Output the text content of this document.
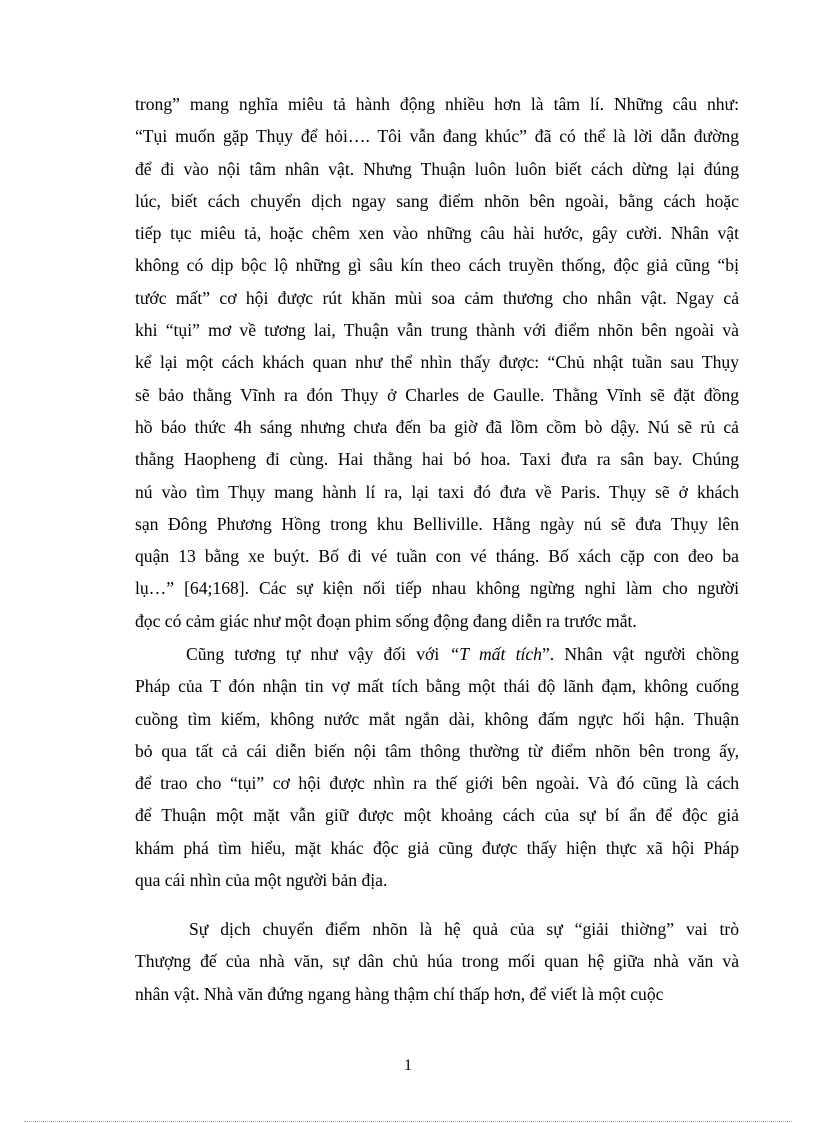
trong” mang nghĩa miêu tả hành động nhiều hơn là tâm lí. Những câu như:
“Tụi muốn gặp Thụy để hỏi…. Tôi vẫn đang khúc” đã có thể là lời dẫn đường
để đi vào nội tâm nhân vật. Nhưng Thuận luôn luôn biết cách dừng lại đúng
lúc, biết cách chuyển dịch ngay sang điểm nhõn bên ngoài, bằng cách hoặc
tiếp tục miêu tả, hoặc chêm xen vào những câu hài hước, gây cười. Nhân vật
không có dịp bộc lộ những gì sâu kín theo cách truyền thống, độc giả cũng “bị
tước mất” cơ hội được rút khăn mùi soa cảm thương cho nhân vật. Ngay cả
khi “tụi” mơ về tương lai, Thuận vẫn trung thành với điểm nhõn bên ngoài và
kể lại một cách khách quan như thể nhìn thấy được: “Chủ nhật tuần sau Thụy
sẽ bảo thằng Vĩnh ra đón Thụy ở Charles de Gaulle. Thằng Vĩnh sẽ đặt đồng
hồ báo thức 4h sáng nhưng chưa đến ba giờ đã lồm cồm bò dậy. Nú sẽ rủ cả
thằng Haopheng đi cùng. Hai thằng hai bó hoa. Taxi đưa ra sân bay. Chúng
nú vào tìm Thụy mang hành lí ra, lại taxi đó đưa về Paris. Thụy sẽ ở khách
sạn Đông Phương Hồng trong khu Belliville. Hằng ngày nú sẽ đưa Thụy lên
quận 13 bằng xe buýt. Bố đi vé tuần con vé tháng. Bố xách cặp con đeo ba
lụ…” [64;168]. Các sự kiện nối tiếp nhau không ngừng nghỉ làm cho người
đọc có cảm giác như một đoạn phim sống động đang diễn ra trước mắt.
Cũng tương tự như vậy đối với “T mất tích”. Nhân vật người chồng
Pháp của T đón nhận tin vợ mất tích bằng một thái độ lãnh đạm, không cuống
cuồng tìm kiếm, không nước mắt ngắn dài, không đấm ngực hối hận. Thuận
bỏ qua tất cả cái diễn biến nội tâm thông thường từ điểm nhõn bên trong ấy,
để trao cho “tụi” cơ hội được nhìn ra thế giới bên ngoài. Và đó cũng là cách
để Thuận một mặt vẫn giữ được một khoảng cách của sự bí ẩn để độc giả
khám phá tìm hiểu, mặt khác độc giả cũng được thấy hiện thực xã hội Pháp
qua cái nhìn của một người bản địa.
Sự dịch chuyển điểm nhõn là hệ quả của sự “giải thiờng” vai trò
Thượng đế của nhà văn, sự dân chủ húa trong mối quan hệ giữa nhà văn và
nhân vật. Nhà văn đứng ngang hàng thậm chí thấp hơn, để viết là một cuộc
1
